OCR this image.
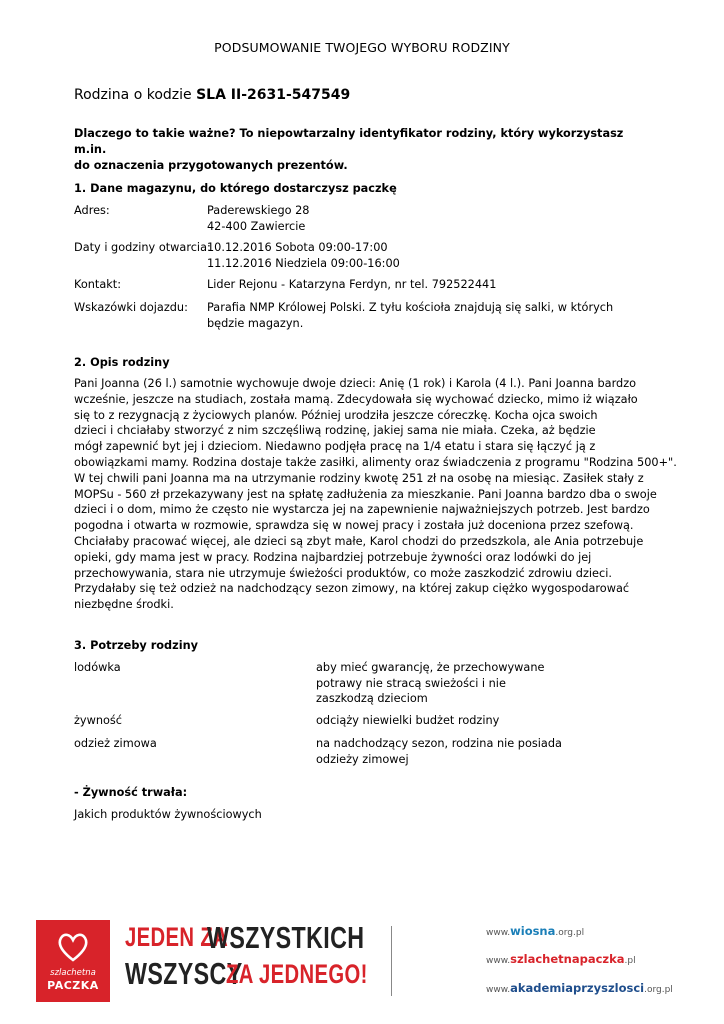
PODSUMOWANIE TWOJEGO WYBORU RODZINY
Rodzina o kodzie SLA II-2631-547549
Dlaczego to takie ważne? To niepowtarzalny identyfikator rodziny, który wykorzystasz m.in.
do oznaczenia przygotowanych prezentów.
1. Dane magazynu, do którego dostarczysz paczkę
Adres:	Paderewskiego 28
42-400 Zawiercie
Daty i godziny otwarcia:
10.12.2016 Sobota 09:00-17:00
11.12.2016 Niedziela 09:00-16:00
Kontakt:	Lider Rejonu - Katarzyna Ferdyn, nr tel. 792522441
Wskazówki dojazdu: Parafia NMP Królowej Polski. Z tyłu kościoła znajdują się salki, w których
będzie magazyn.
2. Opis rodziny
Pani Joanna (26 l.) samotnie wychowuje dwoje dzieci: Anię (1 rok) i Karola (4 l.). Pani Joanna bardzo
wcześnie, jeszcze na studiach, została mamą. Zdecydowała się wychować dziecko, mimo iż wiązało
się to z rezygnacją z życiowych planów. Później urodziła jeszcze córeczkę. Kocha ojca swoich
dzieci i chciałaby stworzyć z nim szczęśliwą rodzinę, jakiej sama nie miała. Czeka, aż będzie
mógł zapewnić byt jej i dzieciom. Niedawno podjęła pracę na 1/4 etatu i stara się łączyć ją z
obowiązkami mamy. Rodzina dostaje także zasiłki, alimenty oraz świadczenia z programu "Rodzina 500+".
W tej chwili pani Joanna ma na utrzymanie rodziny kwotę 251 zł na osobę na miesiąc. Zasiłek stały z
MOPSu - 560 zł przekazywany jest na spłatę zadłużenia za mieszkanie. Pani Joanna bardzo dba o swoje
dzieci i o dom, mimo że często nie wystarcza jej na zapewnienie najważniejszych potrzeb. Jest bardzo
pogodna i otwarta w rozmowie, sprawdza się w nowej pracy i została już doceniona przez szefową.
Chciałaby pracować więcej, ale dzieci są zbyt małe, Karol chodzi do przedszkola, ale Ania potrzebuje
opieki, gdy mama jest w pracy. Rodzina najbardziej potrzebuje żywności oraz lodówki do jej
przechowywania, stara nie utrzymuje świeżości produktów, co może zaszkodzić zdrowiu dzieci.
Przydałaby się też odzież na nadchodzący sezon zimowy, na której zakup ciężko wygospodarować
niezbędne środki.
3. Potrzeby rodziny
lodówka	aby mieć gwarancję, że przechowywane
potrawy nie stracą swieżości i nie
zaszkodzą dzieciom
żywność	odciąży niewielki budżet rodziny
odzież zimowa	na nadchodzący sezon, rodzina nie posiada
odzieży zimowej
- Żywność trwała:
Jakich produktów żywnościowych
szlachetna
PACZKA
JEDEN ZA
WSZYSTKICH
WSZYSCY
ZA JEDNEGO!
www.wiosna.org.pl
www.szlachetnapaczka.pl
www.akademiaprzyszlosci.org.pl
